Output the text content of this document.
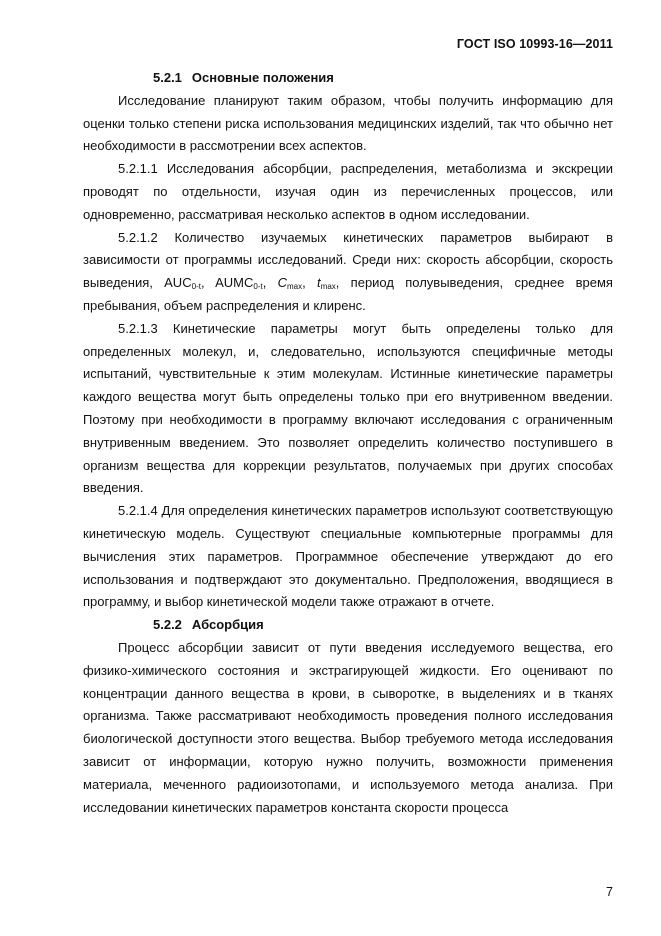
ГОСТ ISO 10993-16—2011
5.2.1 Основные положения

Исследование планируют таким образом, чтобы получить информацию для оценки только степени риска использования медицинских изделий, так что обычно нет необходимости в рассмотрении всех аспектов.

5.2.1.1 Исследования абсорбции, распределения, метаболизма и экскреции проводят по отдельности, изучая один из перечисленных процессов, или одновременно, рассматривая несколько аспектов в одном исследовании.

5.2.1.2 Количество изучаемых кинетических параметров выбирают в зависимости от программы исследований. Среди них: скорость абсорбции, скорость выведения, $AUC_{0-t}$, $AUMC_{0-t}$, $C_{max}$, $t_{max}$, период полувыведения, среднее время пребывания, объем распределения и клиренс.

5.2.1.3 Кинетические параметры могут быть определены только для определенных молекул, и, следовательно, используются специфичные методы испытаний, чувствительные к этим молекулам. Истинные кинетические параметры каждого вещества могут быть определены только при его внутривенном введении. Поэтому при необходимости в программу включают исследования с ограниченным внутривенным введением. Это позволяет определить количество поступившего в организм вещества для коррекции результатов, получаемых при других способах введения.

5.2.1.4 Для определения кинетических параметров используют соответствующую кинетическую модель. Существуют специальные компьютерные программы для вычисления этих параметров. Программное обеспечение утверждают до его использования и подтверждают это документально. Предположения, вводящиеся в программу, и выбор кинетической модели также отражают в отчете.

5.2.2 Абсорбция

Процесс абсорбции зависит от пути введения исследуемого вещества, его физико-химического состояния и экстрагирующей жидкости. Его оценивают по концентрации данного вещества в крови, в сыворотке, в выделениях и в тканях организма. Также рассматривают необходимость проведения полного исследования биологической доступности этого вещества. Выбор требуемого метода исследования зависит от информации, которую нужно получить, возможности применения материала, меченного радиоизотопами, и используемого метода анализа. При исследовании кинетических параметров константа скорости процесса

7
